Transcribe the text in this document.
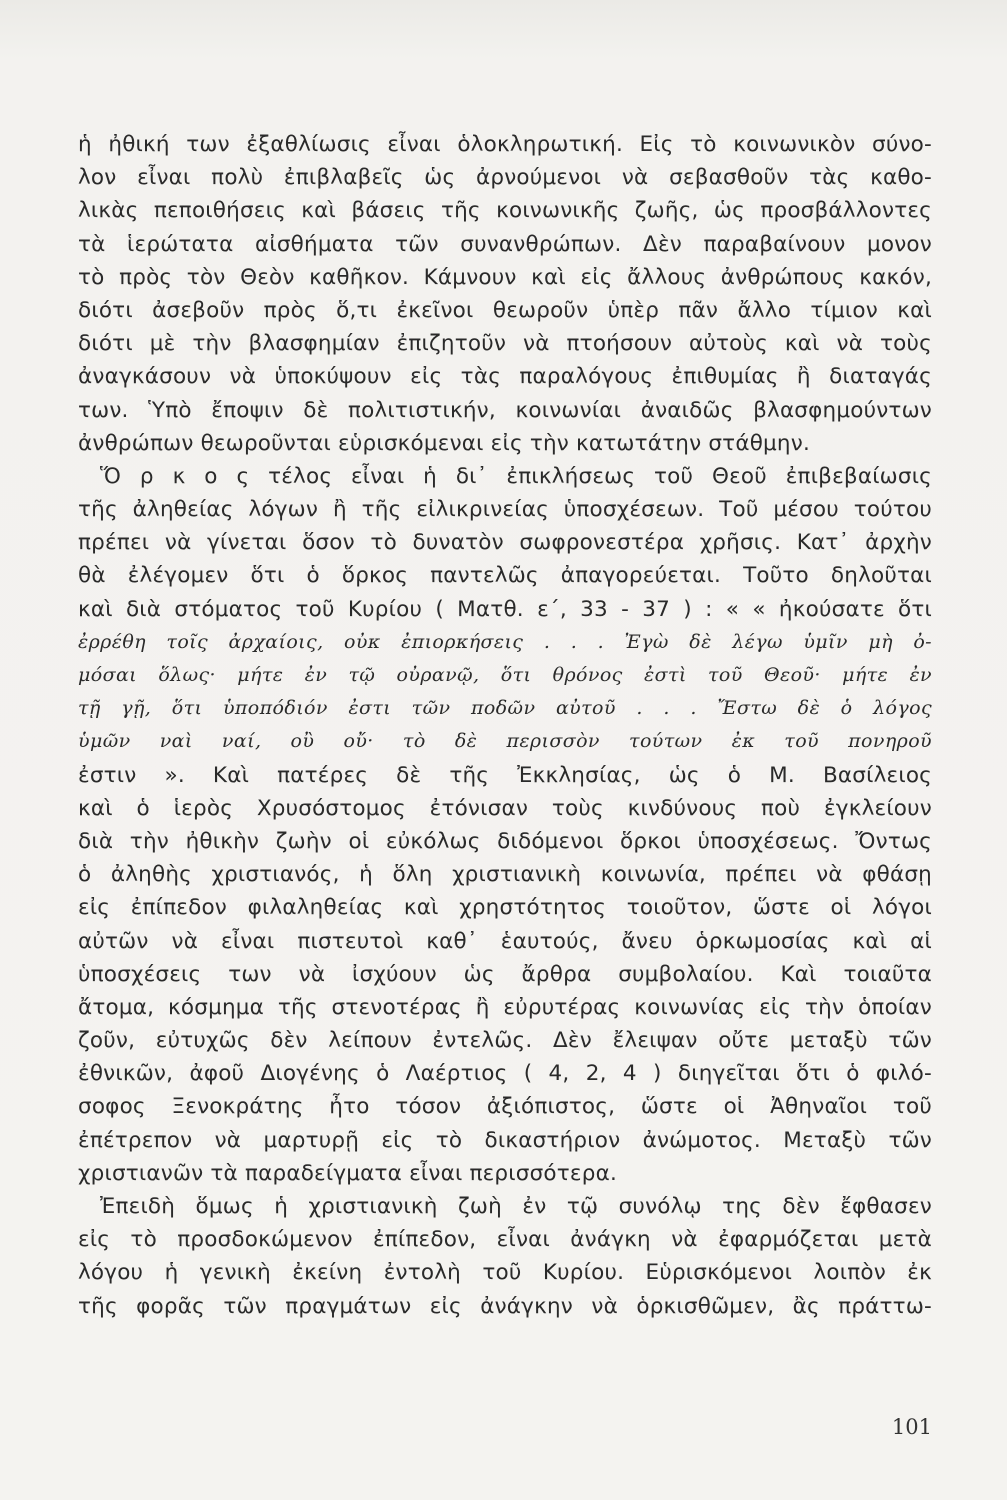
ἡ ἠθική των ἐξαθλίωσις εἶναι ὁλοκληρωτική. Εἰς τὸ κοινωνικὸν σύνο-
λον εἶναι πολὺ ἐπιβλαβεῖς ὡς ἀρνούμενοι νὰ σεβασθοῦν τὰς καθο-
λικὰς πεποιθήσεις καὶ βάσεις τῆς κοινωνικῆς ζωῆς, ὡς προσβάλλοντες
τὰ ἱερώτατα αἰσθήματα τῶν συνανθρώπων. Δὲν παραβαίνουν μονον
τὸ πρὸς τὸν Θεὸν καθῆκον. Κάμνουν καὶ εἰς ἄλλους ἀνθρώπους κακόν,
διότι ἀσεβοῦν πρὸς ὅ,τι ἐκεῖνοι θεωροῦν ὑπὲρ πᾶν ἄλλο τίμιον καὶ
διότι μὲ τὴν βλασφημίαν ἐπιζητοῦν νὰ πτοήσουν αὐτοὺς καὶ νὰ τοὺς
ἀναγκάσουν νὰ ὑποκύψουν εἰς τὰς παραλόγους ἐπιθυμίας ἢ διαταγάς
των. Ὑπὸ ἔποψιν δὲ πολιτιστικήν, κοινωνίαι ἀναιδῶς βλασφημούντων
ἀνθρώπων θεωροῦνται εὑρισκόμεναι εἰς τὴν κατωτάτην στάθμην.
Ὅ ρ κ ο ς τέλος εἶναι ἡ δι᾽ ἐπικλήσεως τοῦ Θεοῦ ἐπιβεβαίωσις
τῆς ἀληθείας λόγων ἢ τῆς εἰλικρινείας ὑποσχέσεων. Τοῦ μέσου τούτου
πρέπει νὰ γίνεται ὅσον τὸ δυνατὸν σωφρονεστέρα χρῆσις. Κατ᾽ ἀρχὴν
θὰ ἐλέγομεν ὅτι ὁ ὅρκος παντελῶς ἀπαγορεύεται. Τοῦτο δηλοῦται
καὶ διὰ στόματος τοῦ Κυρίου ( Ματθ. ε΄, 33 - 37 ) : « « ἠκούσατε ὅτι
ἐρρέθη τοῖς ἀρχαίοις, οὐκ ἐπιορκήσεις . . . Ἐγὼ δὲ λέγω ὑμῖν μὴ ὀ-
μόσαι ὅλως· μήτε ἐν τῷ οὐρανῷ, ὅτι θρόνος ἐστὶ τοῦ Θεοῦ· μήτε ἐν
τῇ γῇ, ὅτι ὑποπόδιόν ἐστι τῶν ποδῶν αὐτοῦ . . . Ἔστω δὲ ὁ λόγος
ὑμῶν ναὶ ναί, οὒ οὔ· τὸ δὲ περισσὸν τούτων ἐκ τοῦ πονηροῦ
ἐστιν ». Καὶ πατέρες δὲ τῆς Ἐκκλησίας, ὡς ὁ Μ. Βασίλειος
καὶ ὁ ἱερὸς Χρυσόστομος ἐτόνισαν τοὺς κινδύνους ποὺ ἐγκλείουν
διὰ τὴν ἠθικὴν ζωὴν οἱ εὐκόλως διδόμενοι ὅρκοι ὑποσχέσεως. Ὄντως
ὁ ἀληθὴς χριστιανός, ἡ ὅλη χριστιανικὴ κοινωνία, πρέπει νὰ φθάσῃ
εἰς ἐπίπεδον φιλαληθείας καὶ χρηστότητος τοιοῦτον, ὥστε οἱ λόγοι
αὐτῶν νὰ εἶναι πιστευτοὶ καθ᾽ ἑαυτούς, ἄνευ ὁρκωμοσίας καὶ αἱ
ὑποσχέσεις των νὰ ἰσχύουν ὡς ἄρθρα συμβολαίου. Καὶ τοιαῦτα
ἄτομα, κόσμημα τῆς στενοτέρας ἢ εὐρυτέρας κοινωνίας εἰς τὴν ὁποίαν
ζοῦν, εὐτυχῶς δὲν λείπουν ἐντελῶς. Δὲν ἔλειψαν οὔτε μεταξὺ τῶν
ἐθνικῶν, ἀφοῦ Διογένης ὁ Λαέρτιος ( 4, 2, 4 ) διηγεῖται ὅτι ὁ φιλό-
σοφος Ξενοκράτης ἦτο τόσον ἀξιόπιστος, ὥστε οἱ Ἀθηναῖοι τοῦ
ἐπέτρεπον νὰ μαρτυρῇ εἰς τὸ δικαστήριον ἀνώμοτος. Μεταξὺ τῶν
χριστιανῶν τὰ παραδείγματα εἶναι περισσότερα.
Ἐπειδὴ ὅμως ἡ χριστιανικὴ ζωὴ ἐν τῷ συνόλῳ της δὲν ἔφθασεν
εἰς τὸ προσδοκώμενον ἐπίπεδον, εἶναι ἀνάγκη νὰ ἐφαρμόζεται μετὰ
λόγου ἡ γενικὴ ἐκείνη ἐντολὴ τοῦ Κυρίου. Εὑρισκόμενοι λοιπὸν ἐκ
τῆς φορᾶς τῶν πραγμάτων εἰς ἀνάγκην νὰ ὁρκισθῶμεν, ἂς πράττω-
101
